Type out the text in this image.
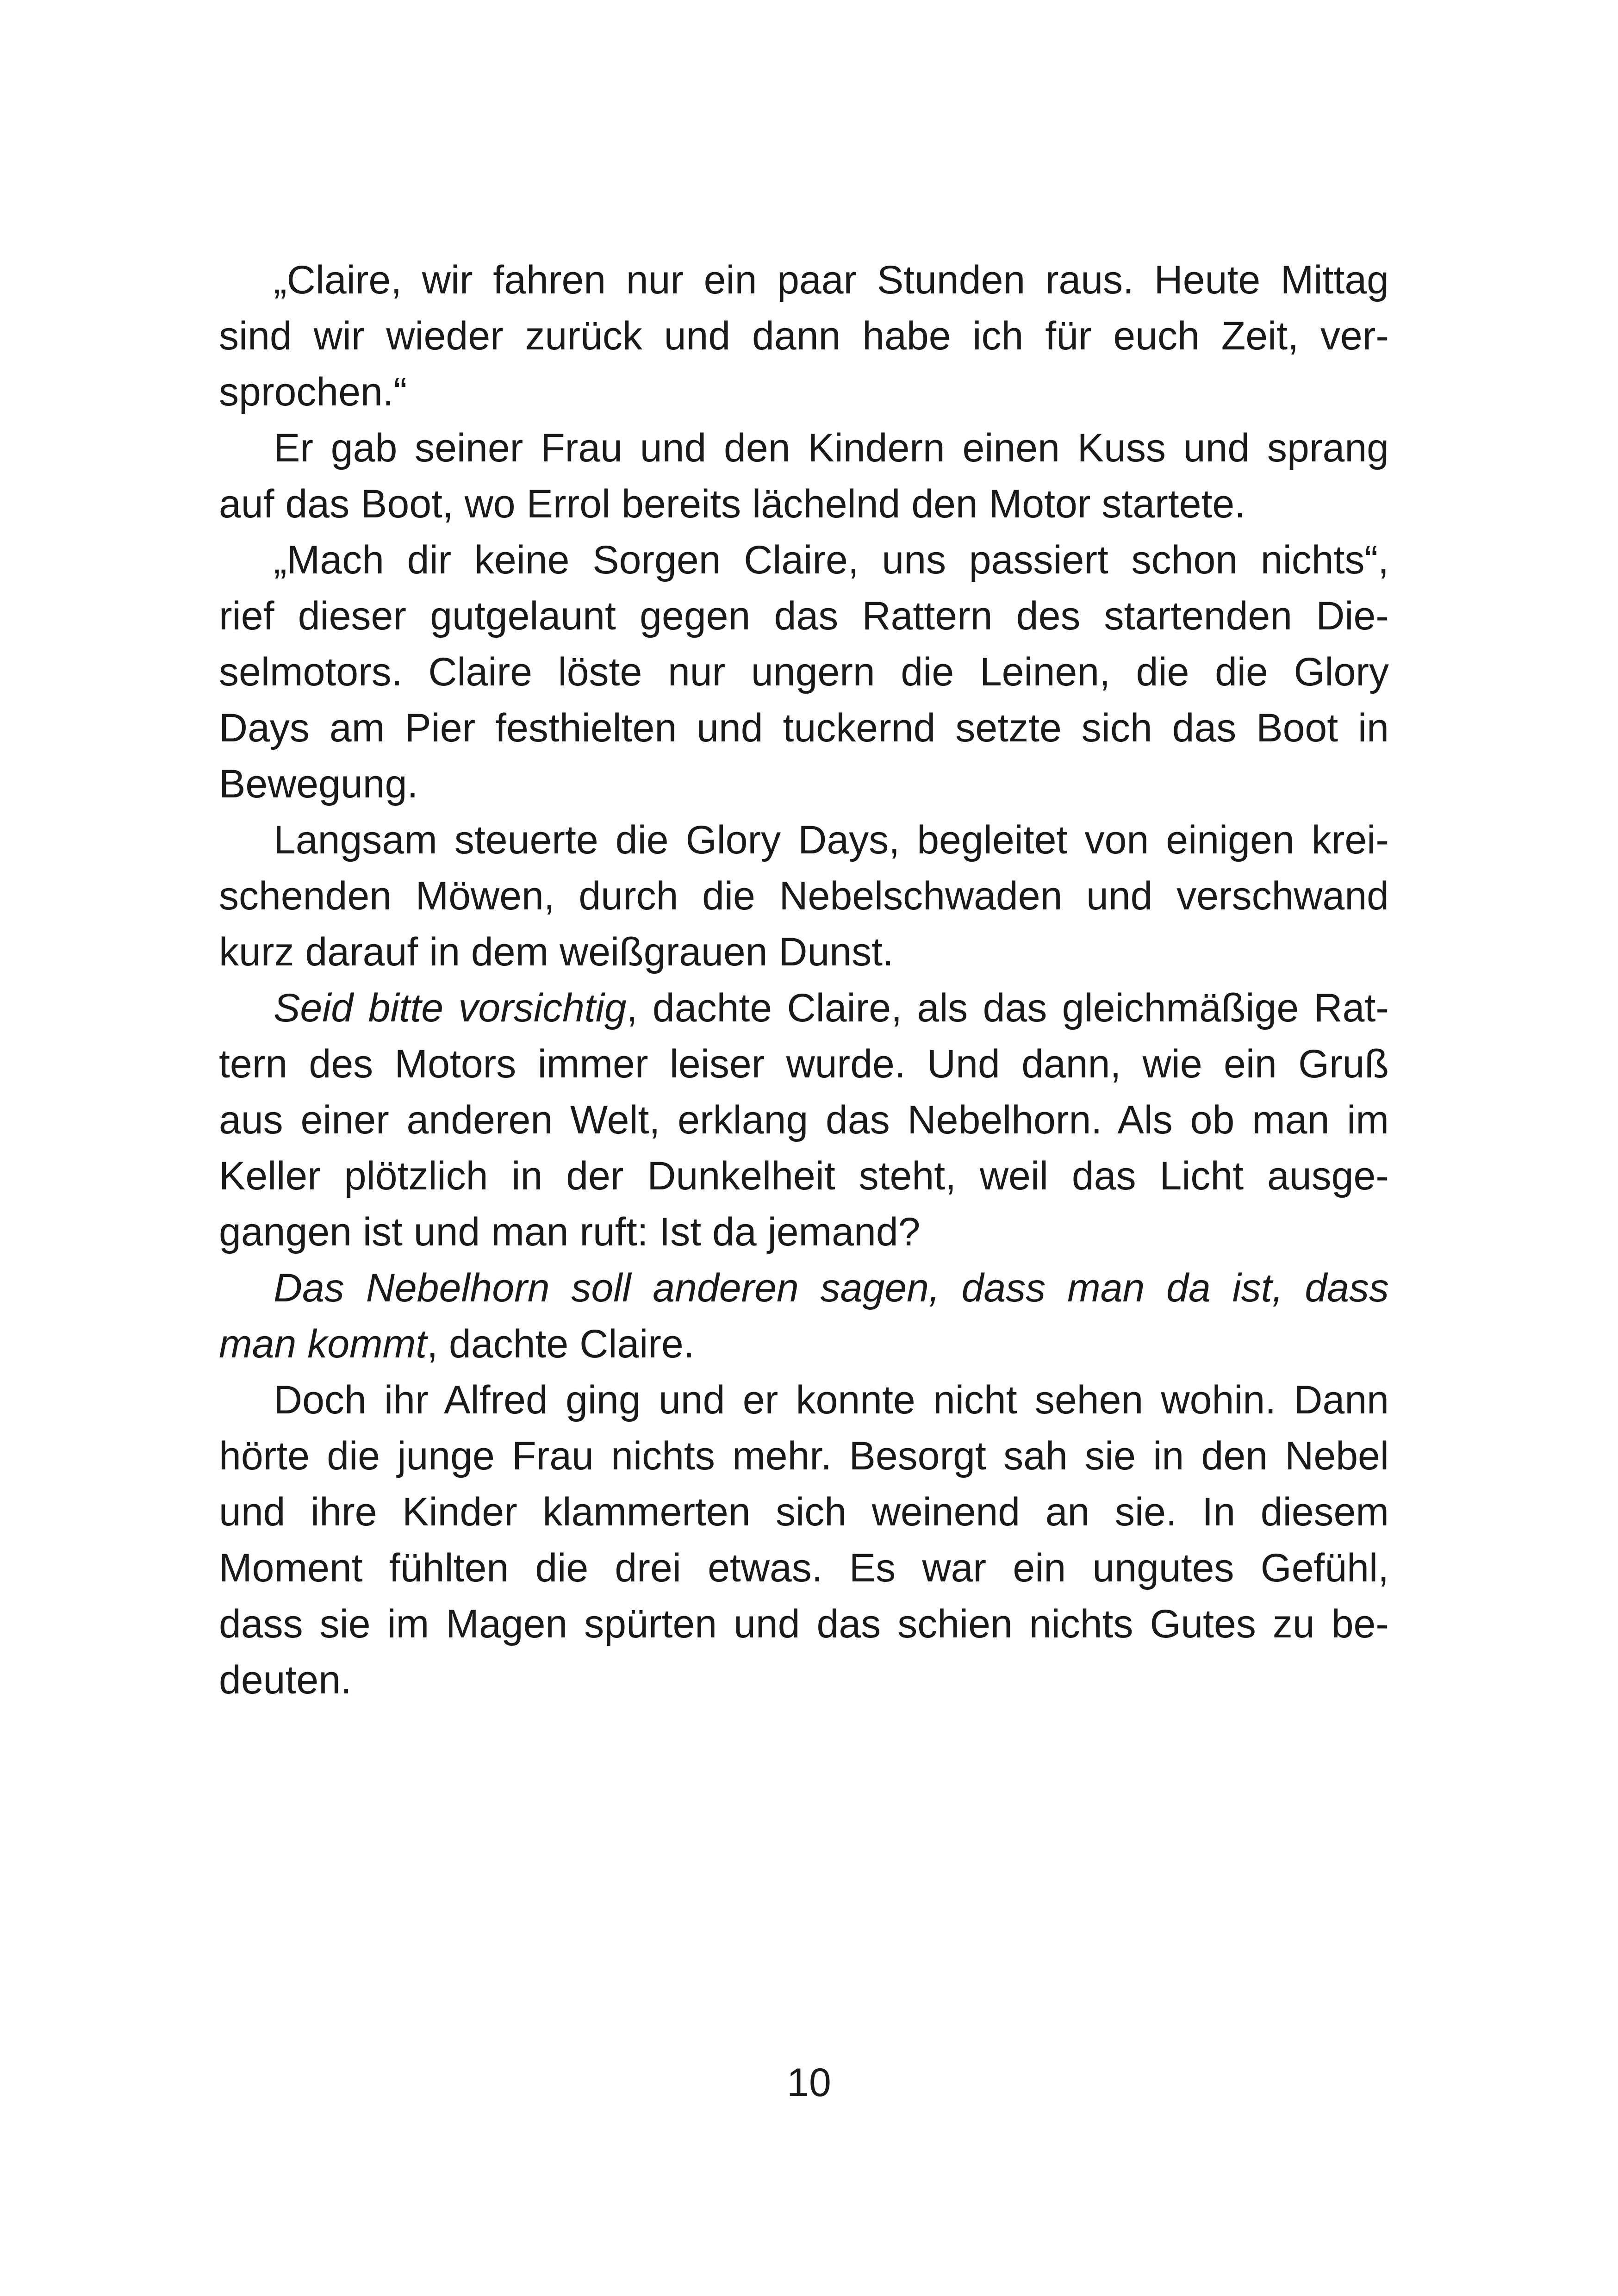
„Claire, wir fahren nur ein paar Stunden raus. Heute Mittag
sind wir wieder zurück und dann habe ich für euch Zeit, ver-
sprochen.“
Er gab seiner Frau und den Kindern einen Kuss und sprang
auf das Boot, wo Errol bereits lächelnd den Motor startete.
„Mach dir keine Sorgen Claire, uns passiert schon nichts“,
rief dieser gutgelaunt gegen das Rattern des startenden Die-
selmotors. Claire löste nur ungern die Leinen, die die Glory
Days am Pier festhielten und tuckernd setzte sich das Boot in
Bewegung.
Langsam steuerte die Glory Days, begleitet von einigen krei-
schenden Möwen, durch die Nebelschwaden und verschwand
kurz darauf in dem weißgrauen Dunst.
Seid bitte vorsichtig, dachte Claire, als das gleichmäßige Rat-
tern des Motors immer leiser wurde. Und dann, wie ein Gruß
aus einer anderen Welt, erklang das Nebelhorn. Als ob man im
Keller plötzlich in der Dunkelheit steht, weil das Licht ausge-
gangen ist und man ruft: Ist da jemand?
Das Nebelhorn soll anderen sagen, dass man da ist, dass
man kommt, dachte Claire.
Doch ihr Alfred ging und er konnte nicht sehen wohin. Dann
hörte die junge Frau nichts mehr. Besorgt sah sie in den Nebel
und ihre Kinder klammerten sich weinend an sie. In diesem
Moment fühlten die drei etwas. Es war ein ungutes Gefühl,
dass sie im Magen spürten und das schien nichts Gutes zu be-
deuten.
10
